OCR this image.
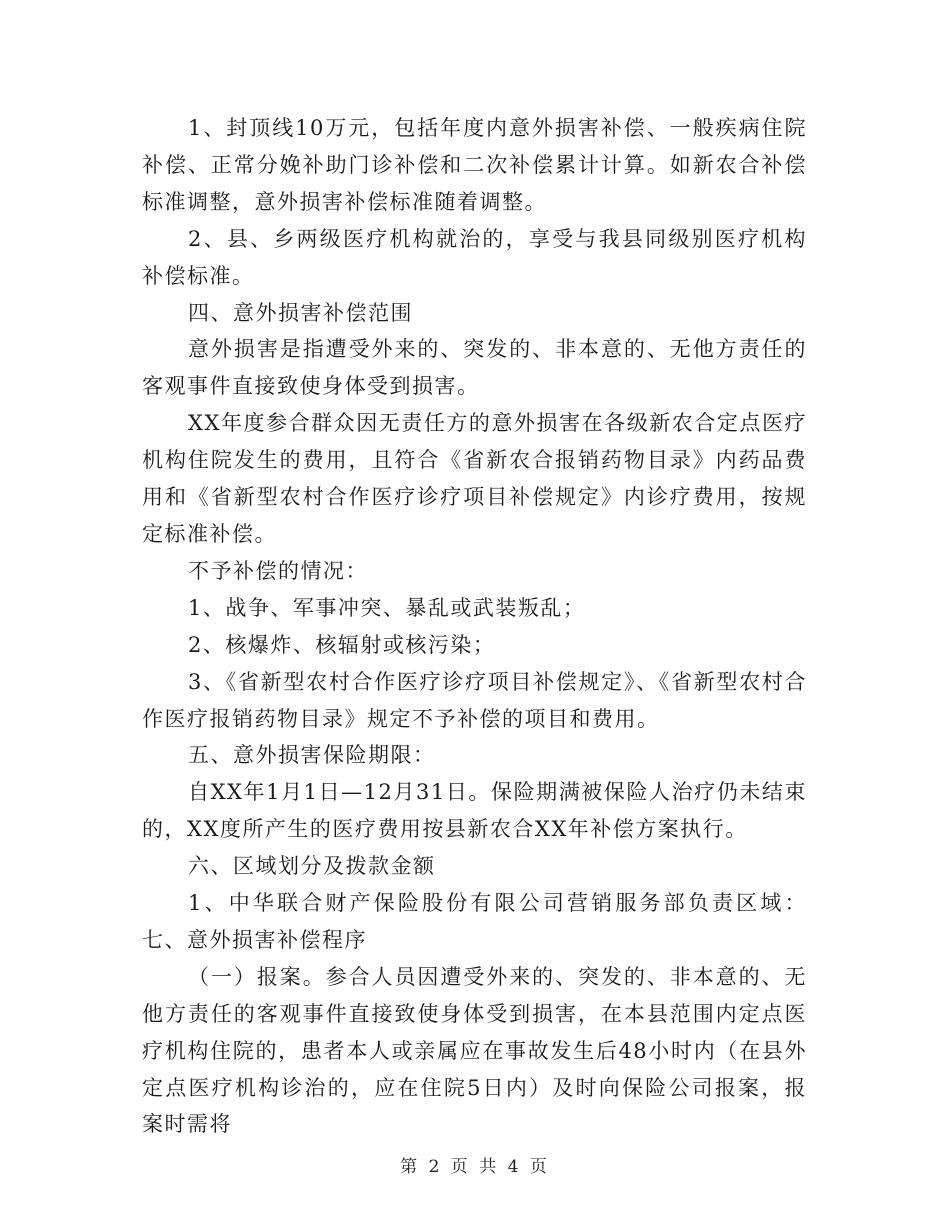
1、封顶线10万元，包括年度内意外损害补偿、一般疾病住院补偿、正常分娩补助门诊补偿和二次补偿累计计算。如新农合补偿标准调整，意外损害补偿标准随着调整。

2、县、乡两级医疗机构就治的，享受与我县同级别医疗机构补偿标准。

四、意外损害补偿范围

意外损害是指遭受外来的、突发的、非本意的、无他方责任的客观事件直接致使身体受到损害。

XX年度参合群众因无责任方的意外损害在各级新农合定点医疗机构住院发生的费用，且符合《省新农合报销药物目录》内药品费用和《省新型农村合作医疗诊疗项目补偿规定》内诊疗费用，按规定标准补偿。

不予补偿的情况：

1、战争、军事冲突、暴乱或武装叛乱；

2、核爆炸、核辐射或核污染；

3、《省新型农村合作医疗诊疗项目补偿规定》、《省新型农村合作医疗报销药物目录》规定不予补偿的项目和费用。

五、意外损害保险期限：

自XX年1月1日—12月31日。保险期满被保险人治疗仍未结束的，XX度所产生的医疗费用按县新农合XX年补偿方案执行。

六、区域划分及拨款金额

1、中华联合财产保险股份有限公司营销服务部负责区域：七、意外损害补偿程序

（一）报案。参合人员因遭受外来的、突发的、非本意的、无他方责任的客观事件直接致使身体受到损害，在本县范围内定点医疗机构住院的，患者本人或亲属应在事故发生后48小时内（在县外定点医疗机构诊治的，应在住院5日内）及时向保险公司报案，报案时需将

第 2 页 共 4 页
